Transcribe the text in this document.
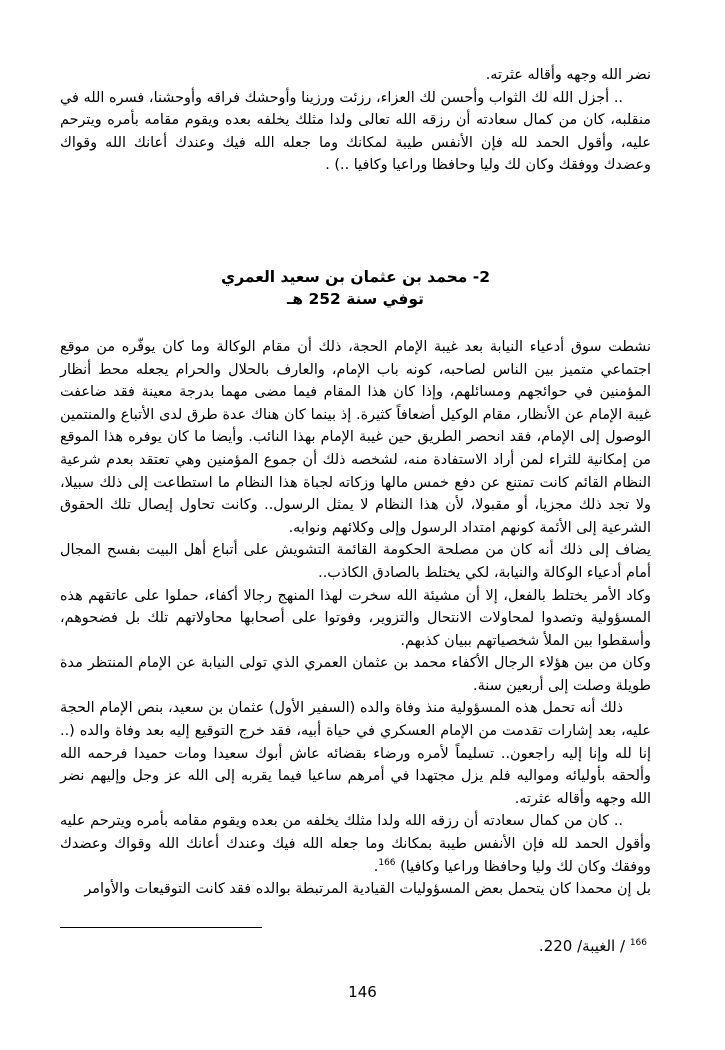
نضر الله وجهه وأقاله عثرته.

.. أجزل الله لك الثواب وأحسن لك العزاء، رزئت ورزينا وأوحشك فراقه وأوحشنا، فسره الله في منقلبه، كان من كمال سعادته أن رزقه الله تعالى ولدا مثلك يخلفه بعده ويقوم مقامه بأمره ويترحم عليه، وأقول الحمد لله فإن الأنفس طيبة لمكانك وما جعله الله فيك وعندك أعانك الله وقواك وعضدك ووفقك وكان لك وليا وحافظا وراعيا وكافيا ..) .

2- محمد بن عثمان بن سعيد العمري
توفي سنة 252 هـ

نشطت سوق أدعياء النيابة بعد غيبة الإمام الحجة، ذلك أن مقام الوكالة وما كان يوفّره من موقع اجتماعي متميز بين الناس لصاحبه، كونه باب الإمام، والعارف بالحلال والحرام يجعله محط أنظار المؤمنين في حوائجهم ومسائلهم، وإذا كان هذا المقام فيما مضى مهما بدرجة معينة فقد ضاعفت غيبة الإمام عن الأنظار، مقام الوكيل أضعافاً كثيرة. إذ بينما كان هناك عدة طرق لدى الأتباع والمنتمين الوصول إلى الإمام، فقد انحصر الطريق حين غيبة الإمام بهذا النائب. وأيضا ما كان يوفره هذا الموقع من إمكانية للثراء لمن أراد الاستفادة منه، لشخصه ذلك أن جموع المؤمنين وهي تعتقد بعدم شرعية النظام القائم كانت تمتنع عن دفع خمس مالها وزكاته لجباة هذا النظام ما استطاعت إلى ذلك سبيلا، ولا تجد ذلك مجزيا، أو مقبولا، لأن هذا النظام لا يمثل الرسول.. وكانت تحاول إيصال تلك الحقوق الشرعية إلى الأئمة كونهم امتداد الرسول وإلى وكلائهم ونوابه.

يضاف إلى ذلك أنه كان من مصلحة الحكومة القائمة التشويش على أتباع أهل البيت بفسح المجال أمام أدعياء الوكالة والنيابة، لكي يختلط بالصادق الكاذب..

وكاد الأمر يختلط بالفعل، إلا أن مشيئة الله سخرت لهذا المنهج رجالا أكفاء، حملوا على عاتقهم هذه المسؤولية وتصدوا لمحاولات الانتحال والتزوير، وفوتوا على أصحابها محاولاتهم تلك بل فضحوهم، وأسقطوا بين الملأ شخصياتهم ببيان كذبهم.

وكان من بين هؤلاء الرجال الأكفاء محمد بن عثمان العمري الذي تولى النيابة عن الإمام المنتظر مدة طويلة وصلت إلى أربعين سنة.

ذلك أنه تحمل هذه المسؤولية منذ وفاة والده (السفير الأول) عثمان بن سعيد، بنص الإمام الحجة عليه، بعد إشارات تقدمت من الإمام العسكري في حياة أبيه، فقد خرج التوقيع إليه بعد وفاة والده (.. إنا لله وإنا إليه راجعون.. تسليماً لأمره ورضاء بقضائه عاش أبوك سعيدا ومات حميدا فرحمه الله وألحقه بأوليائه ومواليه فلم يزل مجتهدا في أمرهم ساعيا فيما يقربه إلى الله عز وجل وإليهم نضر الله وجهه وأقاله عثرته.

.. كان من كمال سعادته أن رزقه الله ولدا مثلك يخلفه من بعده ويقوم مقامه بأمره ويترحم عليه وأقول الحمد لله فإن الأنفس طيبة بمكانك وما جعله الله فيك وعندك أعانك الله وقواك وعضدك ووفقك وكان لك وليا وحافظا وراعيا وكافيا) $^{166}$.

بل إن محمدا كان يتحمل بعض المسؤوليات القيادية المرتبطة بوالده فقد كانت التوقيعات والأوامر

$^{166}$ / الغيبة/ 220.
146
